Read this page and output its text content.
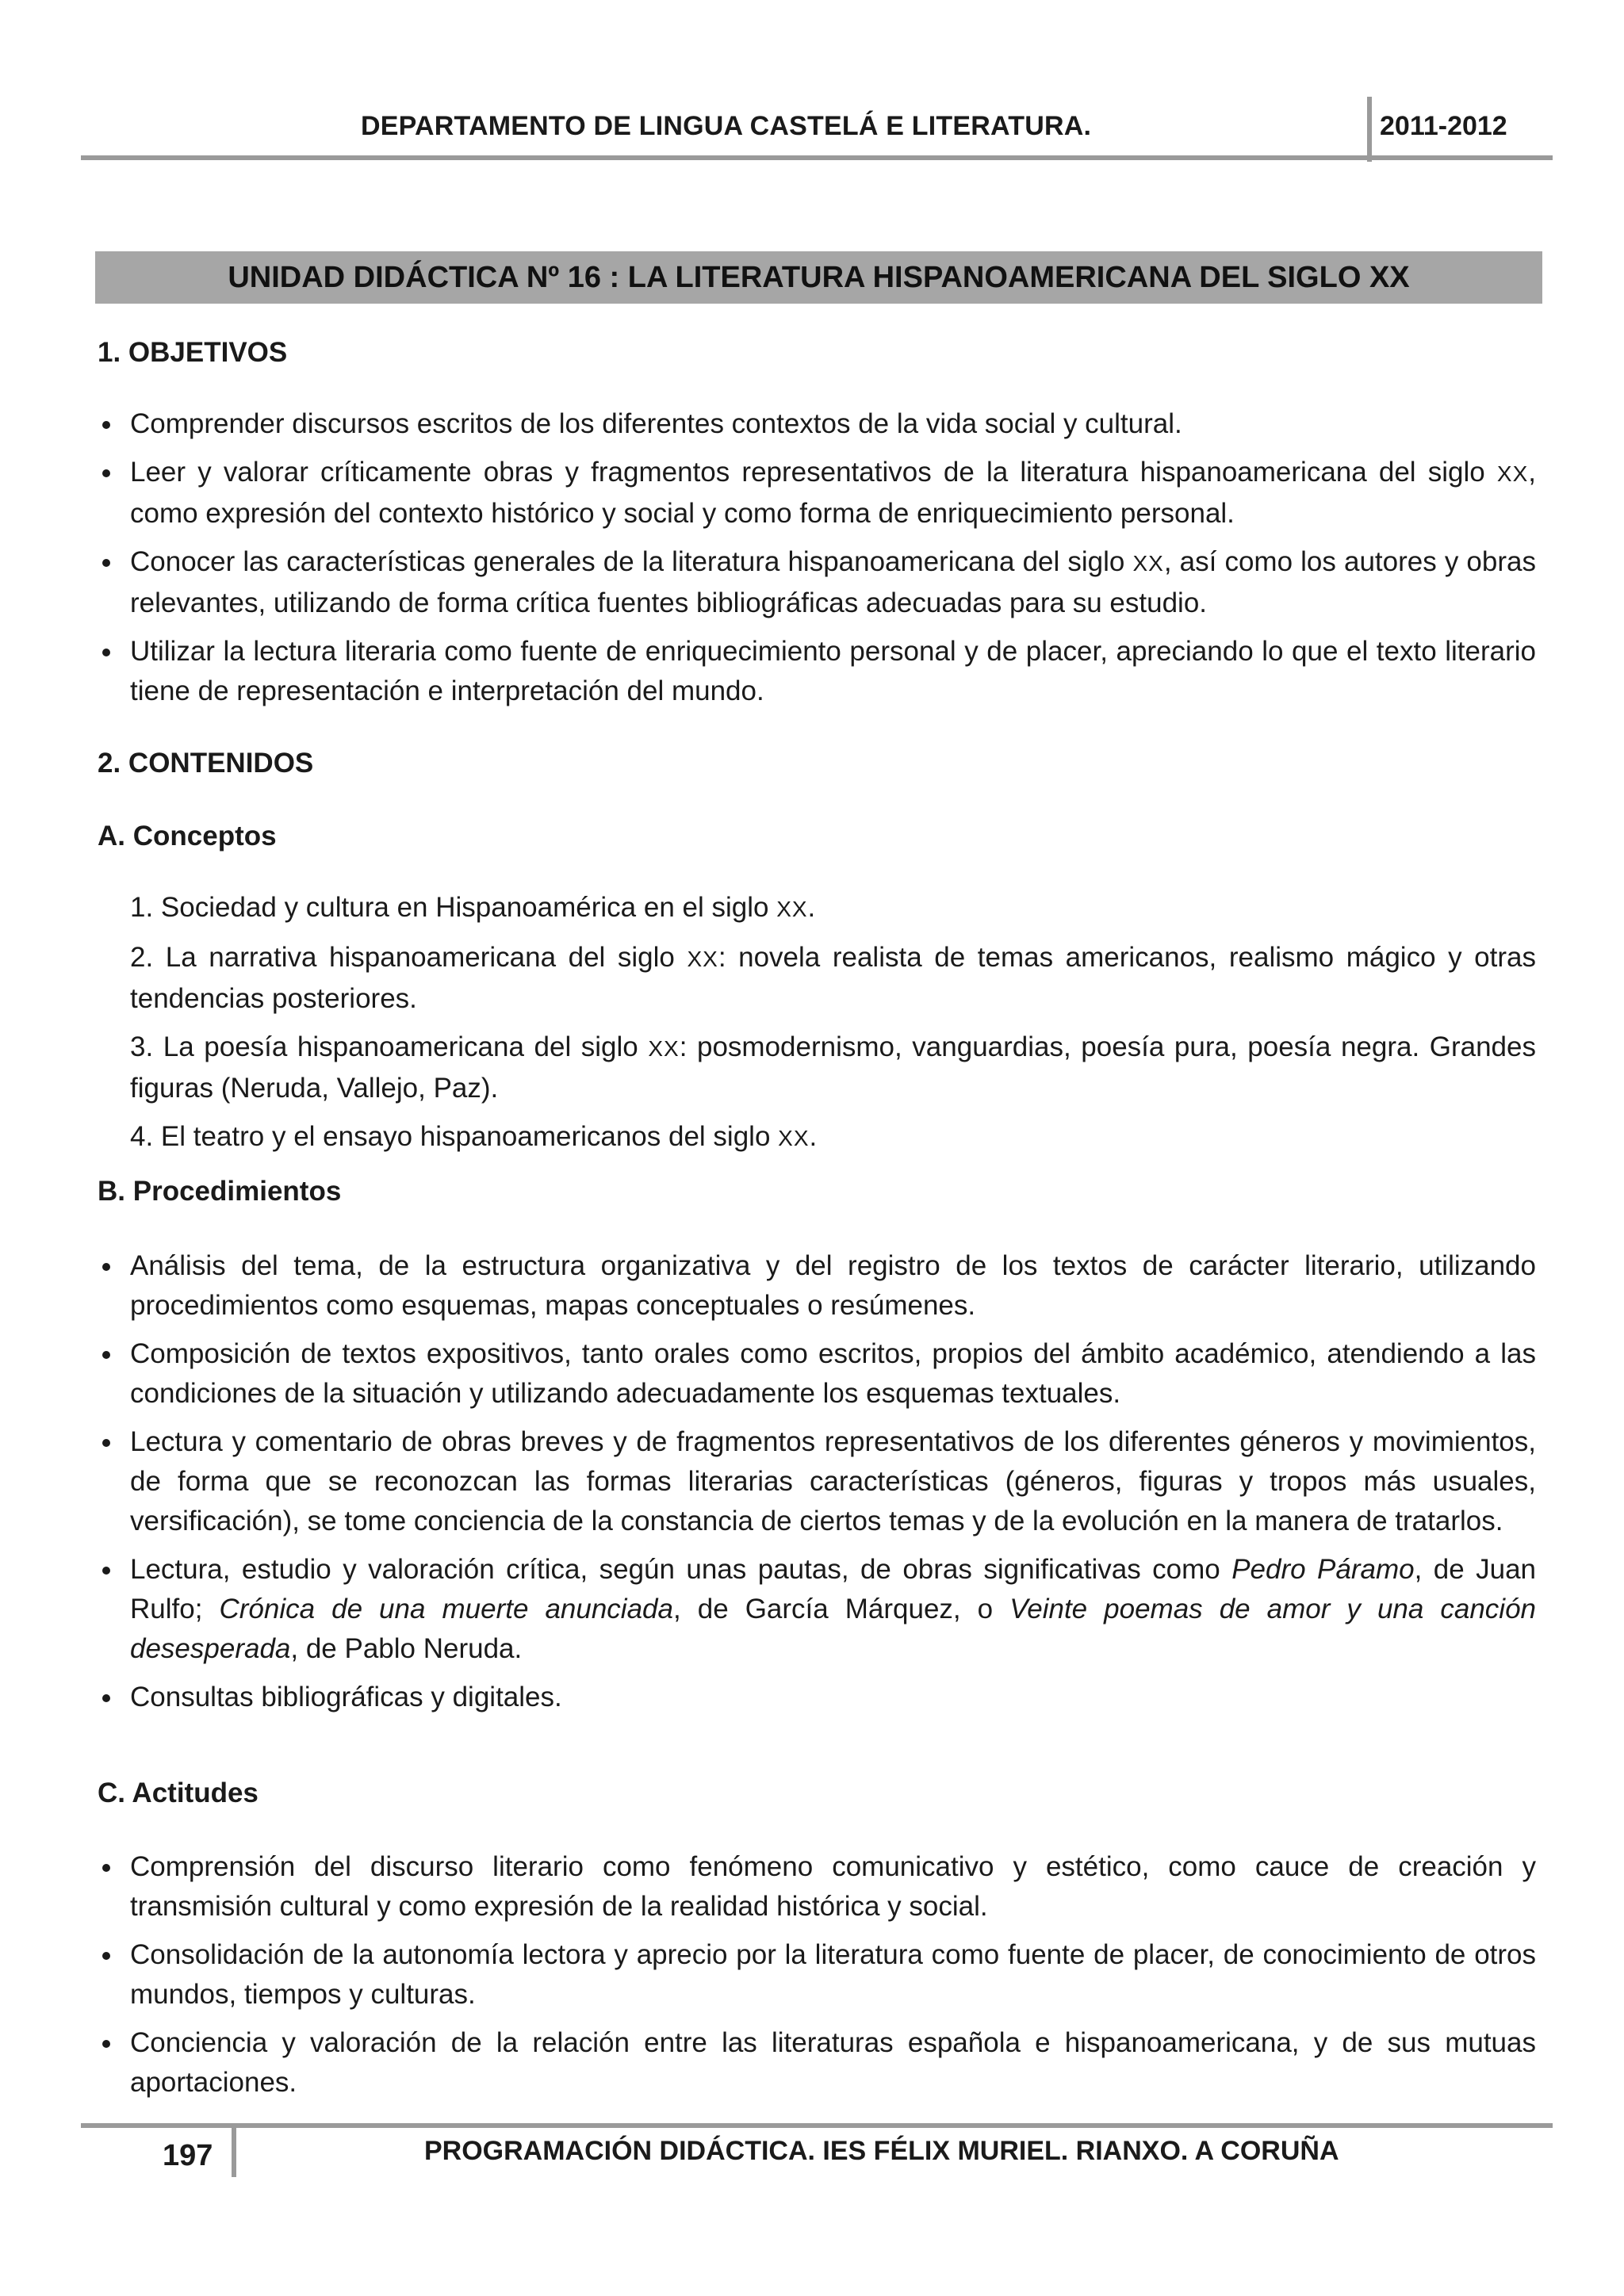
DEPARTAMENTO DE LINGUA CASTELÁ E LITERATURA.	2011-2012
UNIDAD DIDÁCTICA Nº 16 : LA LITERATURA HISPANOAMERICANA DEL SIGLO XX
1. OBJETIVOS
Comprender discursos escritos de los diferentes contextos de la vida social y cultural.
Leer y valorar críticamente obras y fragmentos representativos de la literatura hispanoamericana del siglo XX, como expresión del contexto histórico y social y como forma de enriquecimiento personal.
Conocer las características generales de la literatura hispanoamericana del siglo XX, así como los autores y obras relevantes, utilizando de forma crítica fuentes bibliográficas adecuadas para su estudio.
Utilizar la lectura literaria como fuente de enriquecimiento personal y de placer, apreciando lo que el texto literario tiene de representación e interpretación del mundo.
2. CONTENIDOS
A. Conceptos
1. Sociedad y cultura en Hispanoamérica en el siglo XX.
2. La narrativa hispanoamericana del siglo XX: novela realista de temas americanos, realismo mágico y otras tendencias posteriores.
3. La poesía hispanoamericana del siglo XX: posmodernismo, vanguardias, poesía pura, poesía negra. Grandes figuras (Neruda, Vallejo, Paz).
4. El teatro y el ensayo hispanoamericanos del siglo XX.
B. Procedimientos
Análisis del tema, de la estructura organizativa y del registro de los textos de carácter literario, utilizando procedimientos como esquemas, mapas conceptuales o resúmenes.
Composición de textos expositivos, tanto orales como escritos, propios del ámbito académico, atendiendo a las condiciones de la situación y utilizando adecuadamente los esquemas textuales.
Lectura y comentario de obras breves y de fragmentos representativos de los diferentes géneros y movimientos, de forma que se reconozcan las formas literarias características (géneros, figuras y tropos más usuales, versificación), se tome conciencia de la constancia de ciertos temas y de la evolución en la manera de tratarlos.
Lectura, estudio y valoración crítica, según unas pautas, de obras significativas como Pedro Páramo, de Juan Rulfo; Crónica de una muerte anunciada, de García Márquez, o Veinte poemas de amor y una canción desesperada, de Pablo Neruda.
Consultas bibliográficas y digitales.
C. Actitudes
Comprensión del discurso literario como fenómeno comunicativo y estético, como cauce de creación y transmisión cultural y como expresión de la realidad histórica y social.
Consolidación de la autonomía lectora y aprecio por la literatura como fuente de placer, de conocimiento de otros mundos, tiempos y culturas.
Conciencia y valoración de la relación entre las literaturas española e hispanoamericana, y de sus mutuas aportaciones.
197	PROGRAMACIÓN DIDÁCTICA. IES FÉLIX MURIEL. RIANXO. A CORUÑA
